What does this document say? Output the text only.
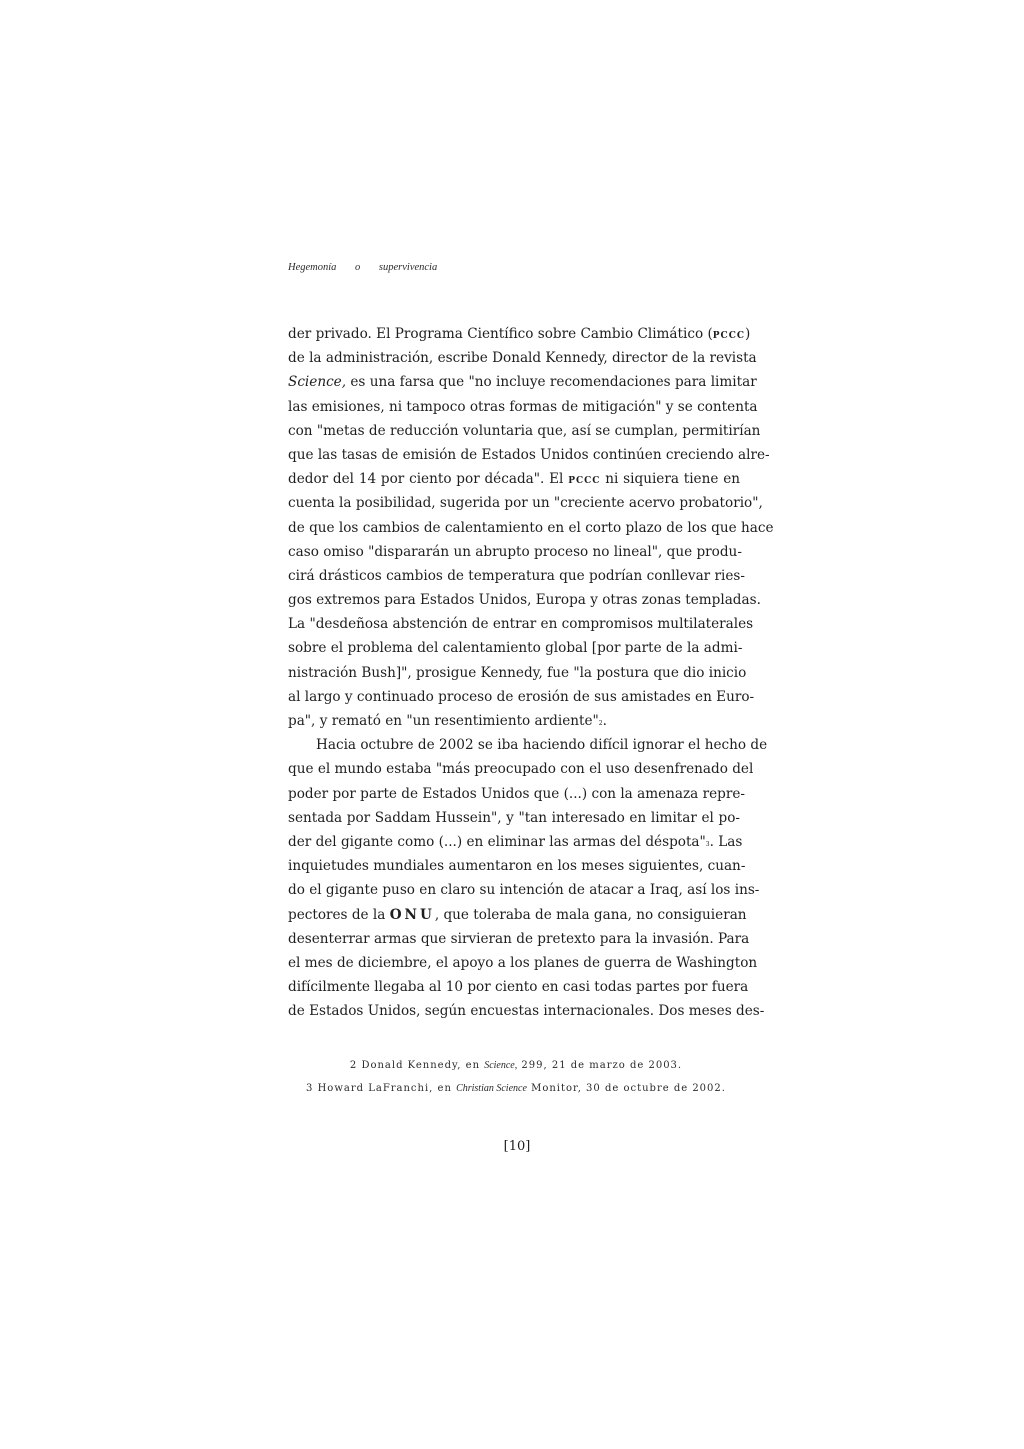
Hegemonía o supervivencia
der privado. El Programa Científico sobre Cambio Climático (PCCC)
de la administración, escribe Donald Kennedy, director de la revista
Science, es una farsa que "no incluye recomendaciones para limitar
las emisiones, ni tampoco otras formas de mitigación" y se contenta
con "metas de reducción voluntaria que, así se cumplan, permitirían
que las tasas de emisión de Estados Unidos continúen creciendo alre-
dedor del 14 por ciento por década". El PCCC ni siquiera tiene en
cuenta la posibilidad, sugerida por un "creciente acervo probatorio",
de que los cambios de calentamiento en el corto plazo de los que hace
caso omiso "dispararán un abrupto proceso no lineal", que produ-
cirá drásticos cambios de temperatura que podrían conllevar ries-
gos extremos para Estados Unidos, Europa y otras zonas templadas.
La "desdeñosa abstención de entrar en compromisos multilaterales
sobre el problema del calentamiento global [por parte de la admi-
nistración Bush]", prosigue Kennedy, fue "la postura que dio inicio
al largo y continuado proceso de erosión de sus amistades en Euro-
pa", y remató en "un resentimiento ardiente"2.
Hacia octubre de 2002 se iba haciendo difícil ignorar el hecho de
que el mundo estaba "más preocupado con el uso desenfrenado del
poder por parte de Estados Unidos que (...) con la amenaza repre-
sentada por Saddam Hussein", y "tan interesado en limitar el po-
der del gigante como (...) en eliminar las armas del déspota"3. Las
inquietudes mundiales aumentaron en los meses siguientes, cuan-
do el gigante puso en claro su intención de atacar a Iraq, así los ins-
pectores de la ONU, que toleraba de mala gana, no consiguieran
desenterrar armas que sirvieran de pretexto para la invasión. Para
el mes de diciembre, el apoyo a los planes de guerra de Washington
difícilmente llegaba al 10 por ciento en casi todas partes por fuera
de Estados Unidos, según encuestas internacionales. Dos meses des-
2 Donald Kennedy, en Science, 299, 21 de marzo de 2003.
3 Howard LaFranchi, en Christian Science Monitor, 30 de octubre de 2002.
[10]
